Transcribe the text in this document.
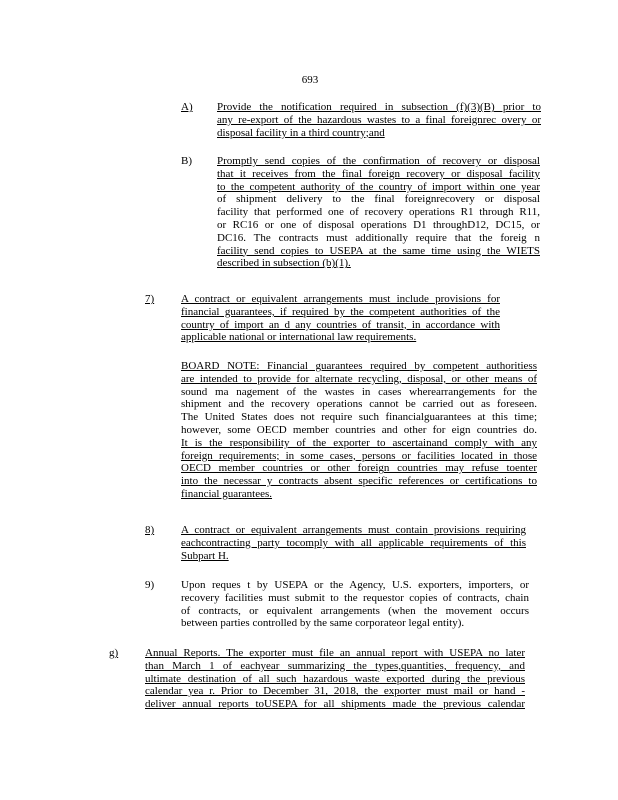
693
A) Provide the notification required in subsection (f)(3)(B) prior to
any re-export of the hazardous wastes to a final foreignrec overy or
disposal facility in a third country;and
B) Promptly send copies of the confirmation of recovery or disposal
that it receives from the final foreign recovery or disposal facility
to the competent authority of the country of import within one year
of shipment delivery to the final foreignrecovery or disposal
facility that performed one of recovery operations R1 through R11,
or RC16 or one of disposal operations D1 throughD12, DC15, or
DC16. The contracts must additionally require that the foreig n
facility send copies to USEPA at the same time using the WIETS
described in subsection (b)(1).
7) A contract or equivalent arrangements must include provisions for
financial guarantees, if required by the competent authorities of the
country of import an d any countries of transit, in accordance with
applicable national or international law requirements.
BOARD NOTE: Financial guarantees required by competent authoritiess
are intended to provide for alternate recycling, disposal, or other means of
sound ma nagement of the wastes in cases wherearrangements for the
shipment and the recovery operations cannot be carried out as foreseen.
The United States does not require such financialguarantees at this time;
however, some OECD member countries and other for eign countries do.
It is the responsibility of the exporter to ascertainand comply with any
foreign requirements; in some cases, persons or facilities located in those
OECD member countries or other foreign countries may refuse toenter
into the necessar y contracts absent specific references or certifications to
financial guarantees.
8) A contract or equivalent arrangements must contain provisions requiring
eachcontracting party tocomply with all applicable requirements of this
Subpart H.
9) Upon reques t by USEPA or the Agency, U.S. exporters, importers, or
recovery facilities must submit to the requestor copies of contracts, chain
of contracts, or equivalent arrangements (when the movement occurs
between parties controlled by the same corporateor legal entity).
g) Annual Reports. The exporter must file an annual report with USEPA no later
than March 1 of eachyear summarizing the types,quantities, frequency, and
ultimate destination of all such hazardous waste exported during the previous
calendar yea r. Prior to December 31, 2018, the exporter must mail or hand -
deliver annual reports toUSEPA for all shipments made the previous calendar
